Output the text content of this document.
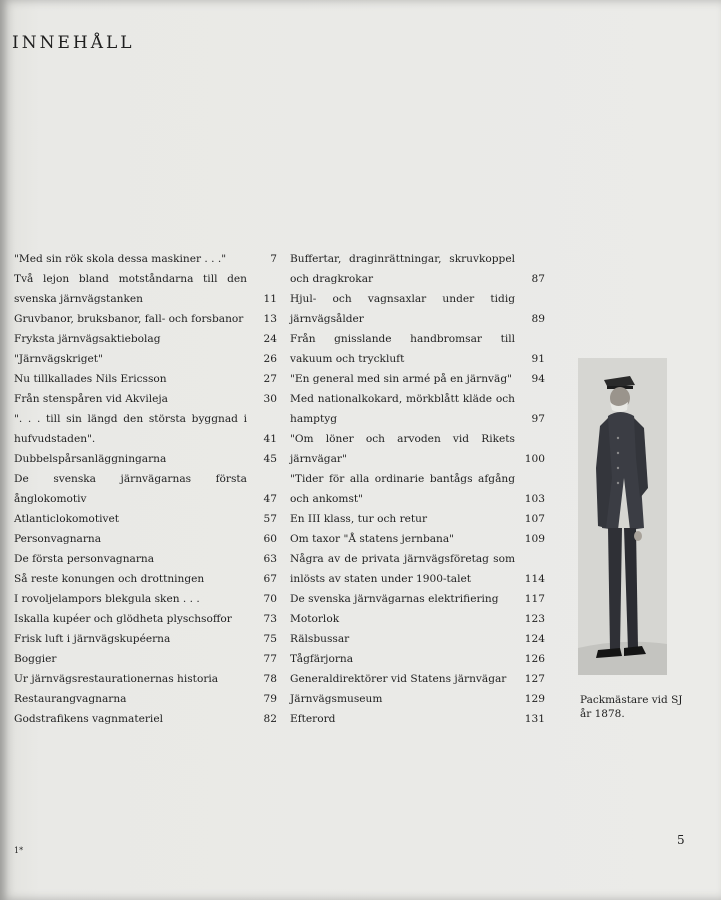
INNEHÅLL
"Med sin rök skola dessa maskiner . . ."	7
Två lejon bland motståndarna till den svenska järnvägstanken	11
Gruvbanor, bruksbanor, fall- och forsbanor	13
Fryksta järnvägsaktiebolag	24
"Järnvägskriget"	26
Nu tillkallades Nils Ericsson	27
Från stenspåren vid Akvileja	30
". . . till sin längd den största byggnad i hufvudstaden".	41
Dubbelspårsanläggningarna	45
De svenska järnvägarnas första ånglokomotiv	47
Atlanticlokomotivet	57
Personvagnarna	60
De första personvagnarna	63
Så reste konungen och drottningen	67
I rovoljelampors blekgula sken . . .	70
Iskalla kupéer och glödheta plyschsoffor	73
Frisk luft i järnvägskupéerna	75
Boggier	77
Ur järnvägsrestaurationernas historia	78
Restaurangvagnarna	79
Godstrafikens vagnmateriel	82
Buffertar, draginrättningar, skruvkoppel och dragkrokar	87
Hjul- och vagnsaxlar under tidig järnvägsålder	89
Från gnisslande handbromsar till vakuum och tryckluft	91
"En general med sin armé på en järnväg" 94
Med nationalkokard, mörkblått kläde och hamptyg	97
"Om löner och arvoden vid Rikets järnvägar"	100
"Tider för alla ordinarie bantågs afgång och ankomst"	103
En III klass, tur och retur	107
Om taxor "Å statens jernbana"	109
Några av de privata järnvägsföretag som inlösts av staten under 1900-talet	114
De svenska järnvägarnas elektrifiering	117
Motorlok	123
Rälsbussar	124
Tågfärjorna	126
Generaldirektörer vid Statens järnvägar	127
Järnvägsmuseum	129
Efterord	131
Packmästare vid SJ
år 1878.
5
1*
